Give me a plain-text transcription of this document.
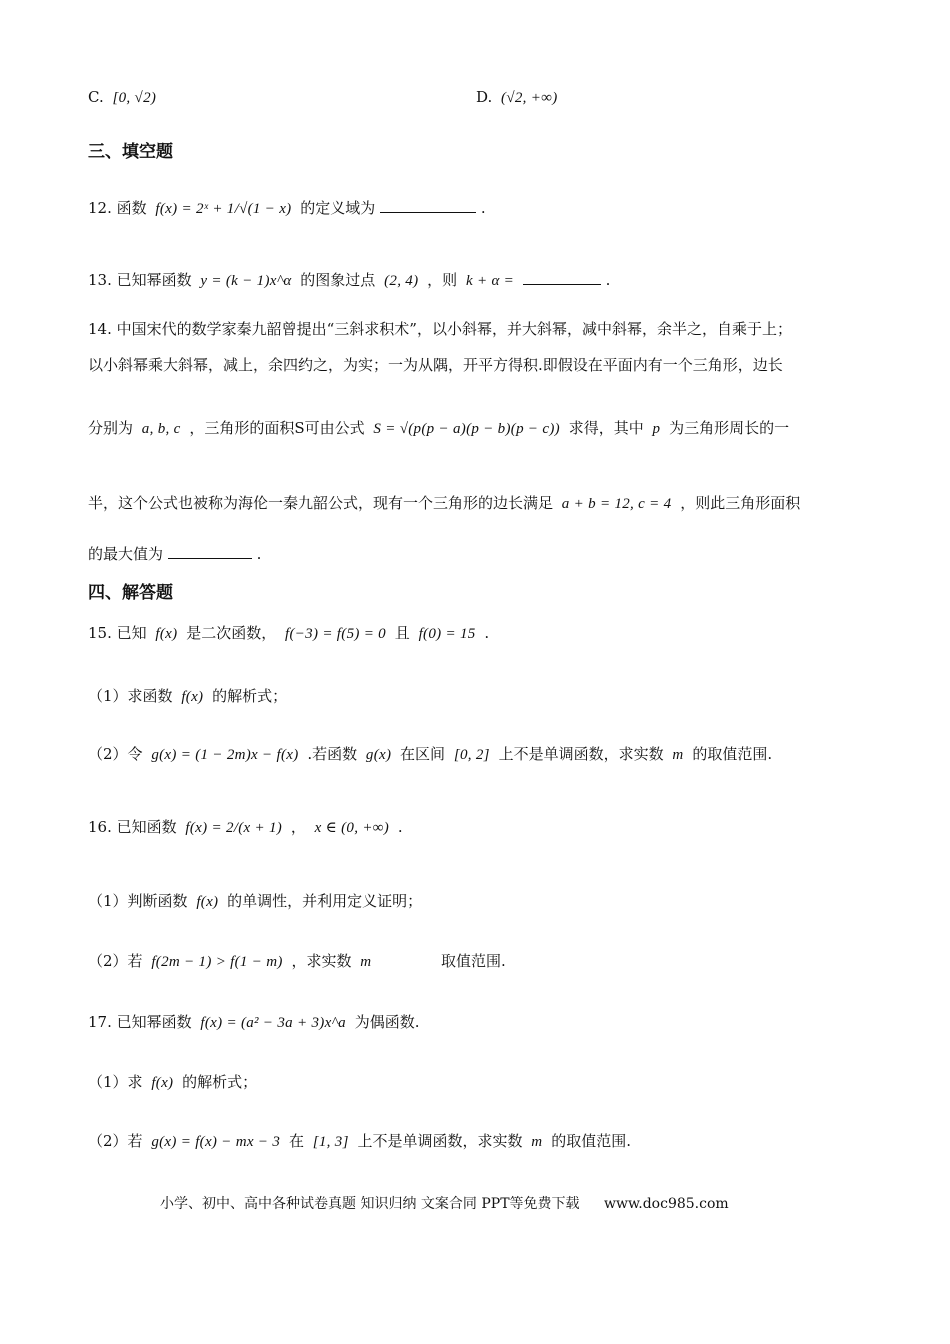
C. [0, √2)	D. (√2, +∞)
三、填空题
12. 函数 f(x) = 2ˣ + 1/√(1 − x) 的定义域为	.
13. 已知幂函数 y = (k − 1)x^α 的图象过点 (2, 4) ，则 k + α =	.
14. 中国宋代的数学家秦九韶曾提出“三斜求积术”，以小斜幂，并大斜幂，减中斜幂，余半之，自乘于上；
以小斜幂乘大斜幂，减上，余四约之，为实；一为从隅，开平方得积.即假设在平面内有一个三角形，边长
分别为 a, b, c ，三角形的面积S可由公式 S = √(p(p − a)(p − b)(p − c)) 求得，其中 p 为三角形周长的一
半，这个公式也被称为海伦一秦九韶公式，现有一个三角形的边长满足 a + b = 12, c = 4 ，则此三角形面积
的最大值为	.
四、解答题
15. 已知 f(x) 是二次函数， f(−3) = f(5) = 0 且 f(0) = 15 .
（1）求函数 f(x) 的解析式；
（2）令 g(x) = (1 − 2m)x − f(x) .若函数 g(x) 在区间 [0, 2] 上不是单调函数，求实数 m 的取值范围.
16. 已知函数 f(x) = 2/(x + 1) ， x ∈ (0, +∞) .
（1）判断函数 f(x) 的单调性，并利用定义证明；
（2）若 f(2m − 1) > f(1 − m) ，求实数 m	取值范围.
17. 已知幂函数 f(x) = (a² − 3a + 3)x^a 为偶函数.
（1）求 f(x) 的解析式；
（2）若 g(x) = f(x) − mx − 3 在 [1, 3] 上不是单调函数，求实数 m 的取值范围.
小学、初中、高中各种试卷真题 知识归纳 文案合同 PPT等免费下载 www.doc985.com
